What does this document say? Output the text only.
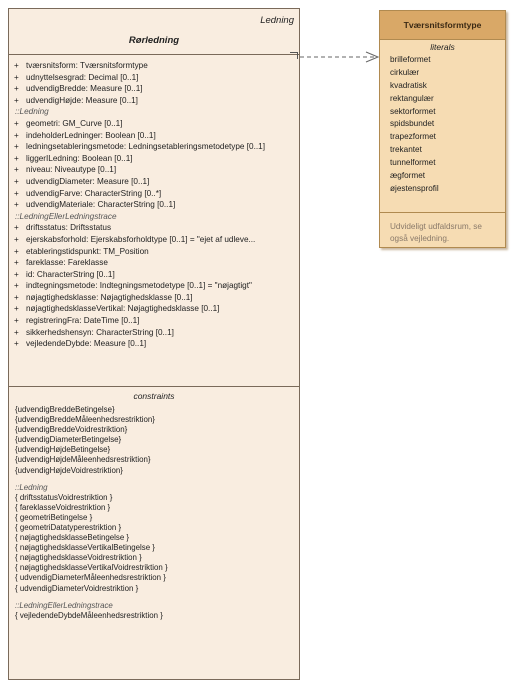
Ledning
Rørledning
+ tværsnitsform: Tværsnitsformtype
+ udnyttelsesgrad: Decimal [0..1]
+ udvendigBredde: Measure [0..1]
+ udvendigHøjde: Measure [0..1]
::Ledning
+ geometri: GM_Curve [0..1]
+ indeholderLedninger: Boolean [0..1]
+ ledningsetableringsmetode: Ledningsetableringsmetodetype [0..1]
+ liggerILedning: Boolean [0..1]
+ niveau: Niveautype [0..1]
+ udvendigDiameter: Measure [0..1]
+ udvendigFarve: CharacterString [0..*]
+ udvendigMateriale: CharacterString [0..1]
::LedningEllerLedningstrace
+ driftsstatus: Driftsstatus
+ ejerskabsforhold: Ejerskabsforholdtype [0..1] = "ejet af udleve...
+ etableringstidspunkt: TM_Position
+ fareklasse: Fareklasse
+ id: CharacterString [0..1]
+ indtegningsmetode: Indtegningsmetodetype [0..1] = "nøjagtigt"
+ nøjagtighedsklasse: Nøjagtighedsklasse [0..1]
+ nøjagtighedsklasseVertikal: Nøjagtighedsklasse [0..1]
+ registreringFra: DateTime [0..1]
+ sikkerhedshensyn: CharacterString [0..1]
+ vejledendeDybde: Measure [0..1]
constraints
{udvendigBreddeBetingelse}
{udvendigBreddeMåleenhedsrestriktion}
{udvendigBreddeVoidrestriktion}
{udvendigDiameterBetingelse}
{udvendigHøjdeBetingelse}
{udvendigHøjdeMåleenhedsrestriktion}
{udvendigHøjdeVoidrestriktion}
::Ledning
{ driftsstatusVoidrestriktion }
{ fareklasseVoidrestriktion }
{ geometriBetingelse }
{ geometriDatatyperestriktion }
{ nøjagtighedsklasseBetingelse }
{ nøjagtighedsklasseVertikalBetingelse }
{ nøjagtighedsklasseVoidrestriktion }
{ nøjagtighedsklasseVertikalVoidrestriktion }
{ udvendigDiameterMåleenhedsrestriktion }
{ udvendigDiameterVoidrestriktion }
::LedningEllerLedningstrace
{ vejledendeDybdeMåleenhedsrestriktion }
Tværsnitsformtype
literals
brilleformet
cirkulær
kvadratisk
rektangulær
sektorformet
spidsbundet
trapezformet
trekantet
tunnelformet
ægformet
øjestensprofil
Udvideligt udfaldsrum, se også vejledning.
